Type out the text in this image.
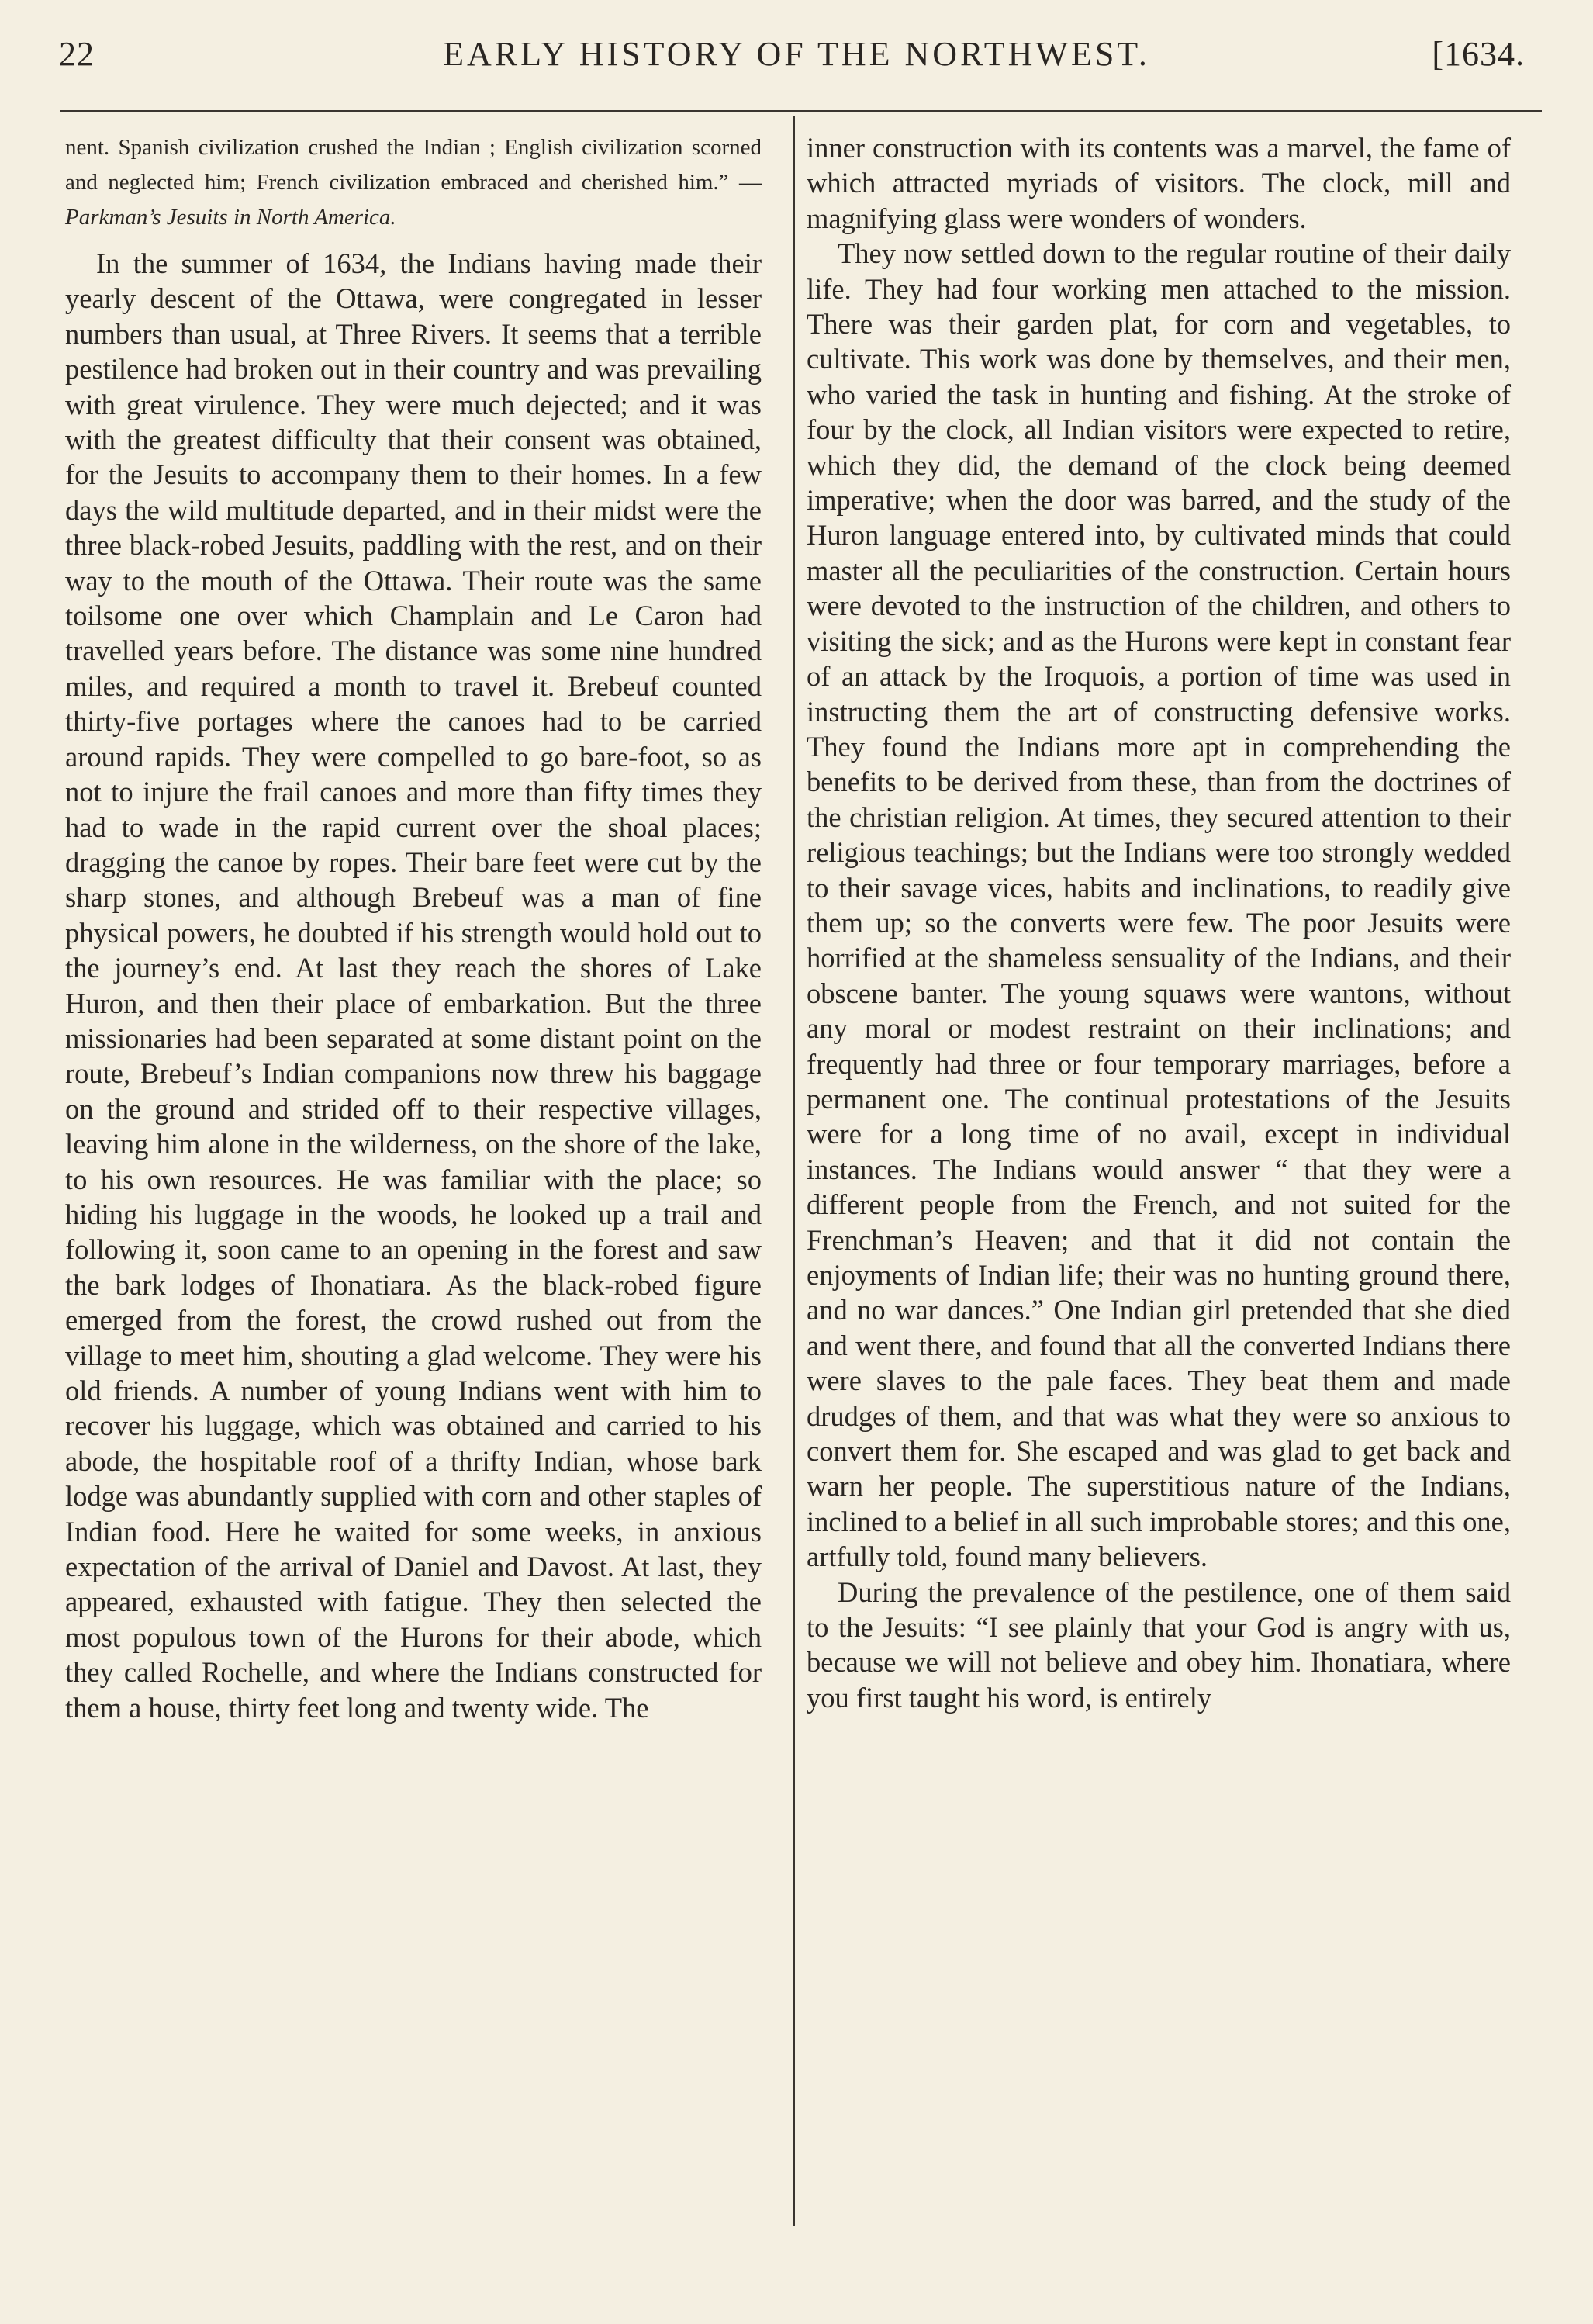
22	EARLY HISTORY OF THE NORTHWEST.	[1634.

nent. Spanish civilization crushed the Indian ; English civilization scorned and neglected him; French civilization embraced and cherished him.” — Parkman’s Jesuits in North America.

In the summer of 1634, the Indians having made their yearly descent of the Ottawa, were congregated in lesser numbers than usual, at Three Rivers. It seems that a terrible pestilence had broken out in their country and was prevailing with great virulence. They were much dejected; and it was with the greatest difficulty that their consent was obtained, for the Jesuits to accompany them to their homes. In a few days the wild multitude departed, and in their midst were the three black-robed Jesuits, paddling with the rest, and on their way to the mouth of the Ottawa. Their route was the same toilsome one over which Champlain and Le Caron had travelled years before. The distance was some nine hundred miles, and required a month to travel it. Brebeuf counted thirty-five portages where the canoes had to be carried around rapids. They were compelled to go bare-foot, so as not to injure the frail canoes and more than fifty times they had to wade in the rapid current over the shoal places; dragging the canoe by ropes. Their bare feet were cut by the sharp stones, and although Brebeuf was a man of fine physical powers, he doubted if his strength would hold out to the journey’s end. At last they reach the shores of Lake Huron, and then their place of embarkation. But the three missionaries had been separated at some distant point on the route, Brebeuf’s Indian companions now threw his baggage on the ground and strided off to their respective villages, leaving him alone in the wilderness, on the shore of the lake, to his own resources. He was familiar with the place; so hiding his luggage in the woods, he looked up a trail and following it, soon came to an opening in the forest and saw the bark lodges of Ihonatiara. As the black-robed figure emerged from the forest, the crowd rushed out from the village to meet him, shouting a glad welcome. They were his old friends. A number of young Indians went with him to recover his luggage, which was obtained and carried to his abode, the hospitable roof of a thrifty Indian, whose bark lodge was abundantly supplied with corn and other staples of Indian food. Here he waited for some weeks, in anxious expectation of the arrival of Daniel and Davost. At last, they appeared, exhausted with fatigue. They then selected the most populous town of the Hurons for their abode, which they called Rochelle, and where the Indians constructed for them a house, thirty feet long and twenty wide. The

inner construction with its contents was a marvel, the fame of which attracted myriads of visitors. The clock, mill and magnifying glass were wonders of wonders.

They now settled down to the regular routine of their daily life. They had four working men attached to the mission. There was their garden plat, for corn and vegetables, to cultivate. This work was done by themselves, and their men, who varied the task in hunting and fishing. At the stroke of four by the clock, all Indian visitors were expected to retire, which they did, the demand of the clock being deemed imperative; when the door was barred, and the study of the Huron language entered into, by cultivated minds that could master all the peculiarities of the construction. Certain hours were devoted to the instruction of the children, and others to visiting the sick; and as the Hurons were kept in constant fear of an attack by the Iroquois, a portion of time was used in instructing them the art of constructing defensive works. They found the Indians more apt in comprehending the benefits to be derived from these, than from the doctrines of the christian religion. At times, they secured attention to their religious teachings; but the Indians were too strongly wedded to their savage vices, habits and inclinations, to readily give them up; so the converts were few. The poor Jesuits were horrified at the shameless sensuality of the Indians, and their obscene banter. The young squaws were wantons, without any moral or modest restraint on their inclinations; and frequently had three or four temporary marriages, before a permanent one. The continual protestations of the Jesuits were for a long time of no avail, except in individual instances. The Indians would answer “ that they were a different people from the French, and not suited for the Frenchman’s Heaven; and that it did not contain the enjoyments of Indian life; their was no hunting ground there, and no war dances.” One Indian girl pretended that she died and went there, and found that all the converted Indians there were slaves to the pale faces. They beat them and made drudges of them, and that was what they were so anxious to convert them for. She escaped and was glad to get back and warn her people. The superstitious nature of the Indians, inclined to a belief in all such improbable stores; and this one, artfully told, found many believers.

During the prevalence of the pestilence, one of them said to the Jesuits: “I see plainly that your God is angry with us, because we will not believe and obey him. Ihonatiara, where you first taught his word, is entirely
